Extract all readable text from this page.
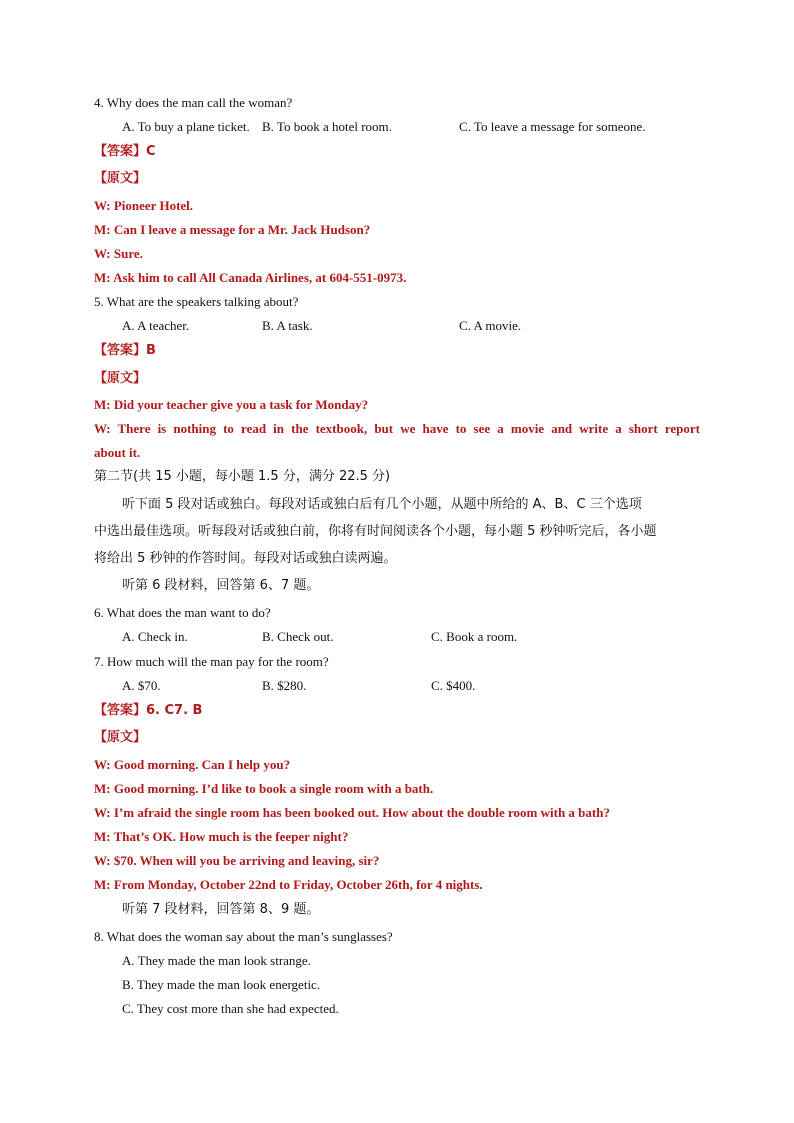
4. Why does the man call the woman?
A. To buy a plane ticket. B. To book a hotel room.	C. To leave a message for someone.
【答案】C
【原文】
W: Pioneer Hotel.
M: Can I leave a message for a Mr. Jack Hudson?
W: Sure.
M: Ask him to call All Canada Airlines, at 604-551-0973.
5. What are the speakers talking about?
A. A teacher.	B. A task.	C. A movie.
【答案】B
【原文】
M: Did your teacher give you a task for Monday?
W: There is nothing to read in the textbook, but we have to see a movie and write a short report
about it.
第二节(共 15 小题，每小题 1.5 分，满分 22.5 分)
听下面 5 段对话或独白。每段对话或独白后有几个小题，从题中所给的 A、B、C 三个选项
中选出最佳选项。听每段对话或独白前，你将有时间阅读各个小题，每小题 5 秒钟听完后，各小题
将给出 5 秒钟的作答时间。每段对话或独白读两遍。
听第 6 段材料，回答第 6、7 题。
6. What does the man want to do?
A. Check in.	B. Check out.	C. Book a room.
7. How much will the man pay for the room?
A. $70.	B. $280.	C. $400.
【答案】6. C7. B
【原文】
W: Good morning. Can I help you?
M: Good morning. I’d like to book a single room with a bath.
W: I’m afraid the single room has been booked out. How about the double room with a bath?
M: That’s OK. How much is the feeper night?
W: $70. When will you be arriving and leaving, sir?
M: From Monday, October 22nd to Friday, October 26th, for 4 nights.
听第 7 段材料，回答第 8、9 题。
8. What does the woman say about the man’s sunglasses?
A. They made the man look strange.
B. They made the man look energetic.
C. They cost more than she had expected.
